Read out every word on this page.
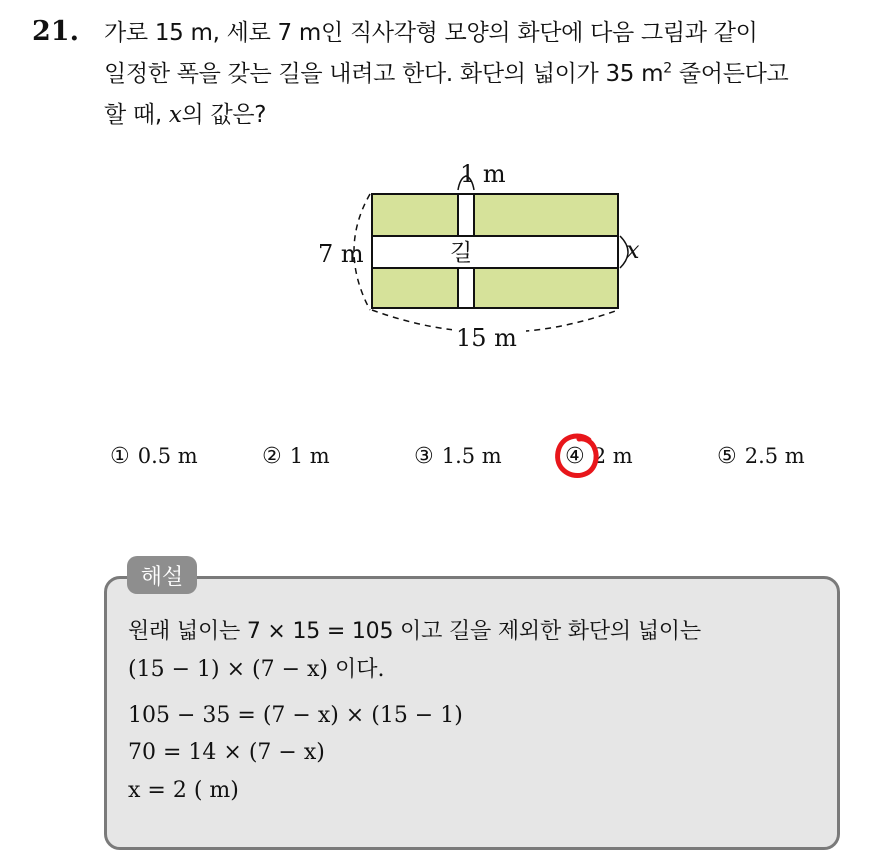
21. 가로 15 m, 세로 7 m인 직사각형 모양의 화단에 다음 그림과 같이
일정한 폭을 갖는 길을 내려고 한다. 화단의 넓이가 35 $m^2$ 줄어든다고
할 때, x의 값은?
1 m
7 m	x
15 m
길
① 0.5 m	② 1 m	③ 1.5 m	④ 2 m	⑤ 2.5 m
해설
원래 넓이는 7 × 15 = 105 이고 길을 제외한 화단의 넓이는
(15 − 1) × (7 − x) 이다.
105 − 35 = (7 − x) × (15 − 1)
70 = 14 × (7 − x)
x = 2 ( m)
